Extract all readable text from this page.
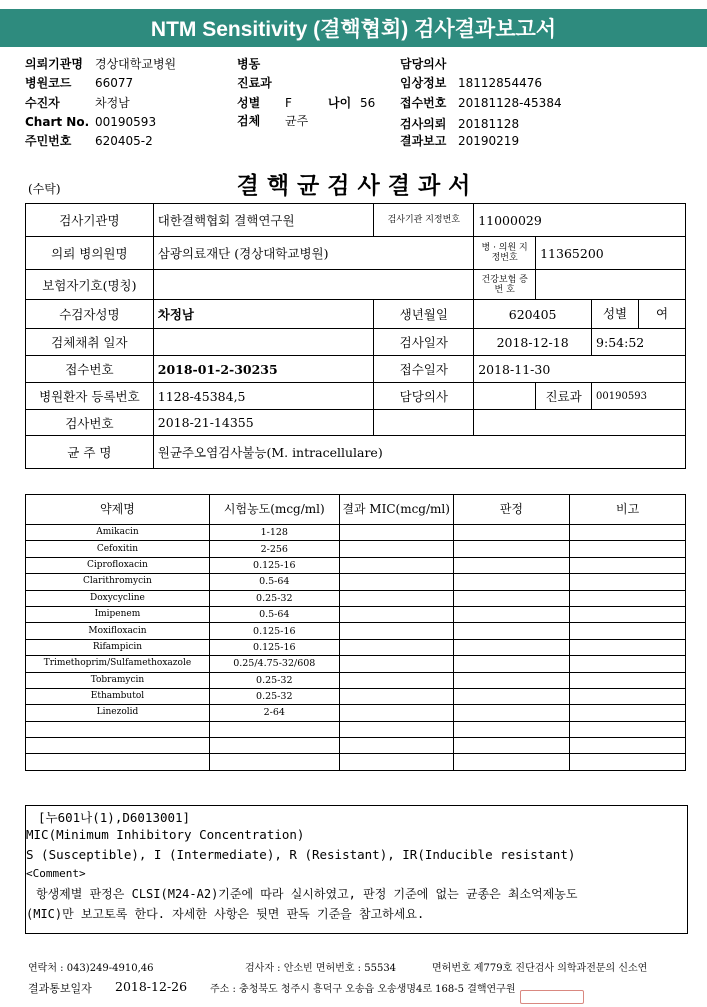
NTM Sensitivity (결핵협회) 검사결과보고서
의뢰기관명 경상대학교병원
병원코드 66077
수진자	차정남
Chart No. 00190593
주민번호 620405-2
병동
진료과
성별 F	나이 56
검체 균주
담당의사
임상정보 18112854476
접수번호 20181128-45384
검사의뢰 20181128
결과보고 20190219
(수탁)	결 핵 균 검 사 결 과 서
검사기관명	대한결핵협회 결핵연구원	검사기관 지정번호	11000029		
의뢰 병의원명	삼광의료재단 (경상대학교병원)		병 · 의원 지정번호	11365200	
보험자기호(명칭)			건강보험 증 번 호		
수검자성명	차정남	생년월일	620405		성별 여

검체채취 일자		검사일자	2018-12-18		9:54:52
접수번호	2018-01-2-30235	접수일자	2018-11-30		
병원환자 등록번호	1128-45384,5	담당의사		진료과	00190593
검사번호	2018-21-14355				
균 주 명	원균주오염검사불능(M. intracellulare)				
약제명	시험농도(mcg/ml)	결과 MIC(mcg/ml)	판정	비고
Amikacin	1-128			
Cefoxitin	2-256			
Ciprofloxacin	0.125-16			
Clarithromycin	0.5-64			
Doxycycline	0.25-32			
Imipenem	0.5-64			
Moxifloxacin	0.125-16			
Rifampicin	0.125-16			
Trimethoprim/Sulfamethoxazole	0.25/4.75-32/608			
Tobramycin	0.25-32			
Ethambutol	0.25-32			
Linezolid	2-64			

[누601나(1),D6013001]
MIC(Minimum Inhibitory Concentration)
S (Susceptible), I (Intermediate), R (Resistant), IR(Inducible resistant)
<Comment>
항생제별 판정은 CLSI(M24-A2)기준에 따라 실시하였고, 판정 기준에 없는 균종은 최소억제농도
(MIC)만 보고토록 한다. 자세한 사항은 뒷면 판독 기준을 참고하세요.
연락처 : 043)249-4910,46	검사자 : 안소빈 면허번호 : 55534	면허번호 제779호 진단검사 의학과전문의 신소연
결과통보일자 2018-12-26 주소 : 충청북도 청주시 흥덕구 오송읍 오송생명4로 168-5 결핵연구원
